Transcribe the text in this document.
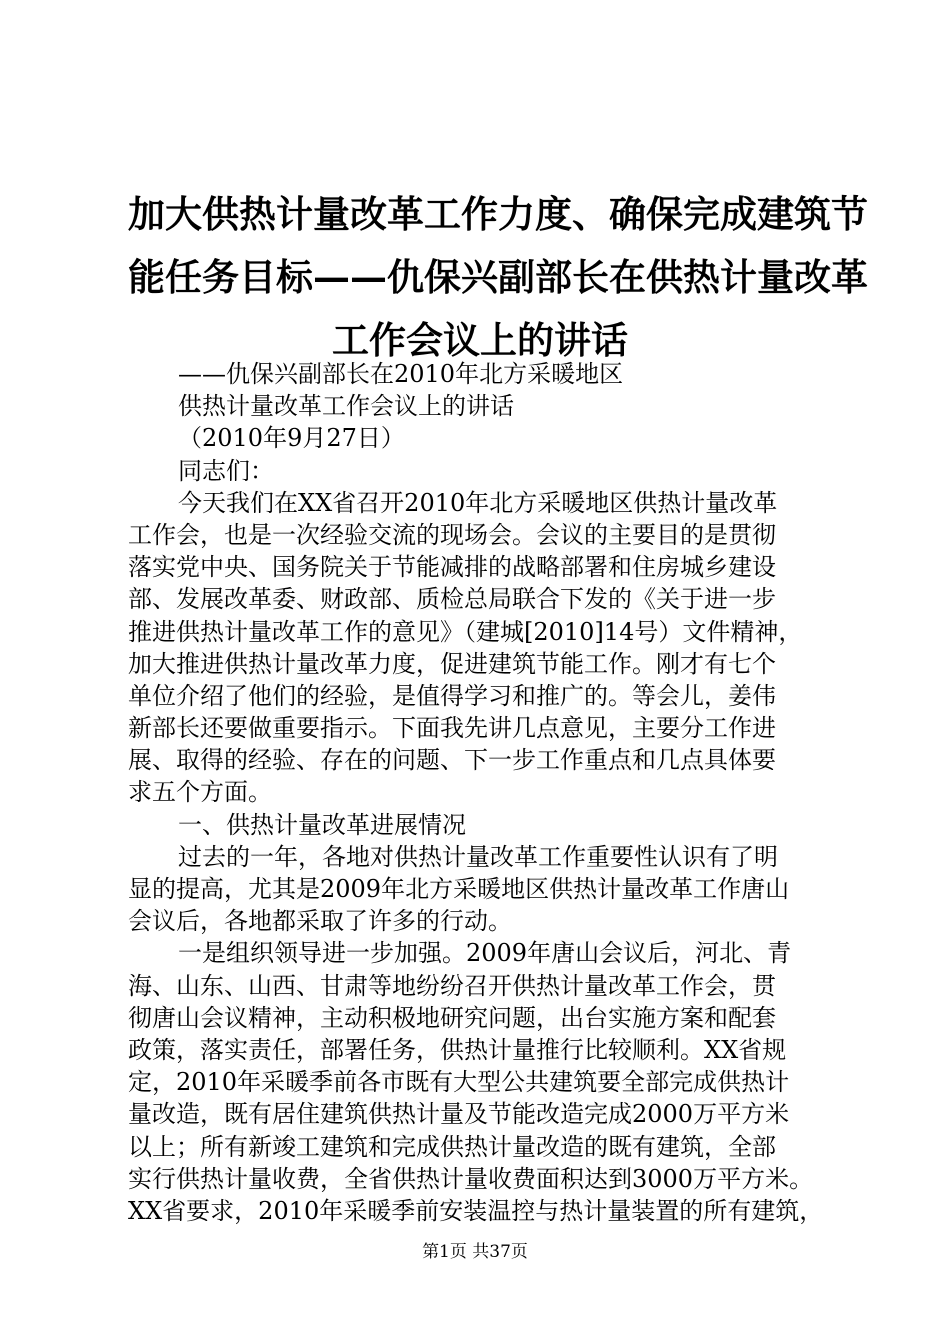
加大供热计量改革工作力度、确保完成建筑节
能任务目标——仇保兴副部长在供热计量改革
工作会议上的讲话
——仇保兴副部长在2010年北方采暖地区
供热计量改革工作会议上的讲话
（2010年9月27日）
同志们：
今天我们在XX省召开2010年北方采暖地区供热计量改革
工作会，也是一次经验交流的现场会。会议的主要目的是贯彻
落实党中央、国务院关于节能减排的战略部署和住房城乡建设
部、发展改革委、财政部、质检总局联合下发的《关于进一步
推进供热计量改革工作的意见》（建城[2010]14号）文件精神，
加大推进供热计量改革力度，促进建筑节能工作。刚才有七个
单位介绍了他们的经验，是值得学习和推广的。等会儿，姜伟
新部长还要做重要指示。下面我先讲几点意见，主要分工作进
展、取得的经验、存在的问题、下一步工作重点和几点具体要
求五个方面。
一、供热计量改革进展情况
过去的一年，各地对供热计量改革工作重要性认识有了明
显的提高，尤其是2009年北方采暖地区供热计量改革工作唐山
会议后，各地都采取了许多的行动。
一是组织领导进一步加强。2009年唐山会议后，河北、青
海、山东、山西、甘肃等地纷纷召开供热计量改革工作会，贯
彻唐山会议精神，主动积极地研究问题，出台实施方案和配套
政策，落实责任，部署任务，供热计量推行比较顺利。XX省规
定，2010年采暖季前各市既有大型公共建筑要全部完成供热计
量改造，既有居住建筑供热计量及节能改造完成2000万平方米
以上；所有新竣工建筑和完成供热计量改造的既有建筑，全部
实行供热计量收费，全省供热计量收费面积达到3000万平方米。
XX省要求，2010年采暖季前安装温控与热计量装置的所有建筑，
第1页 共37页
